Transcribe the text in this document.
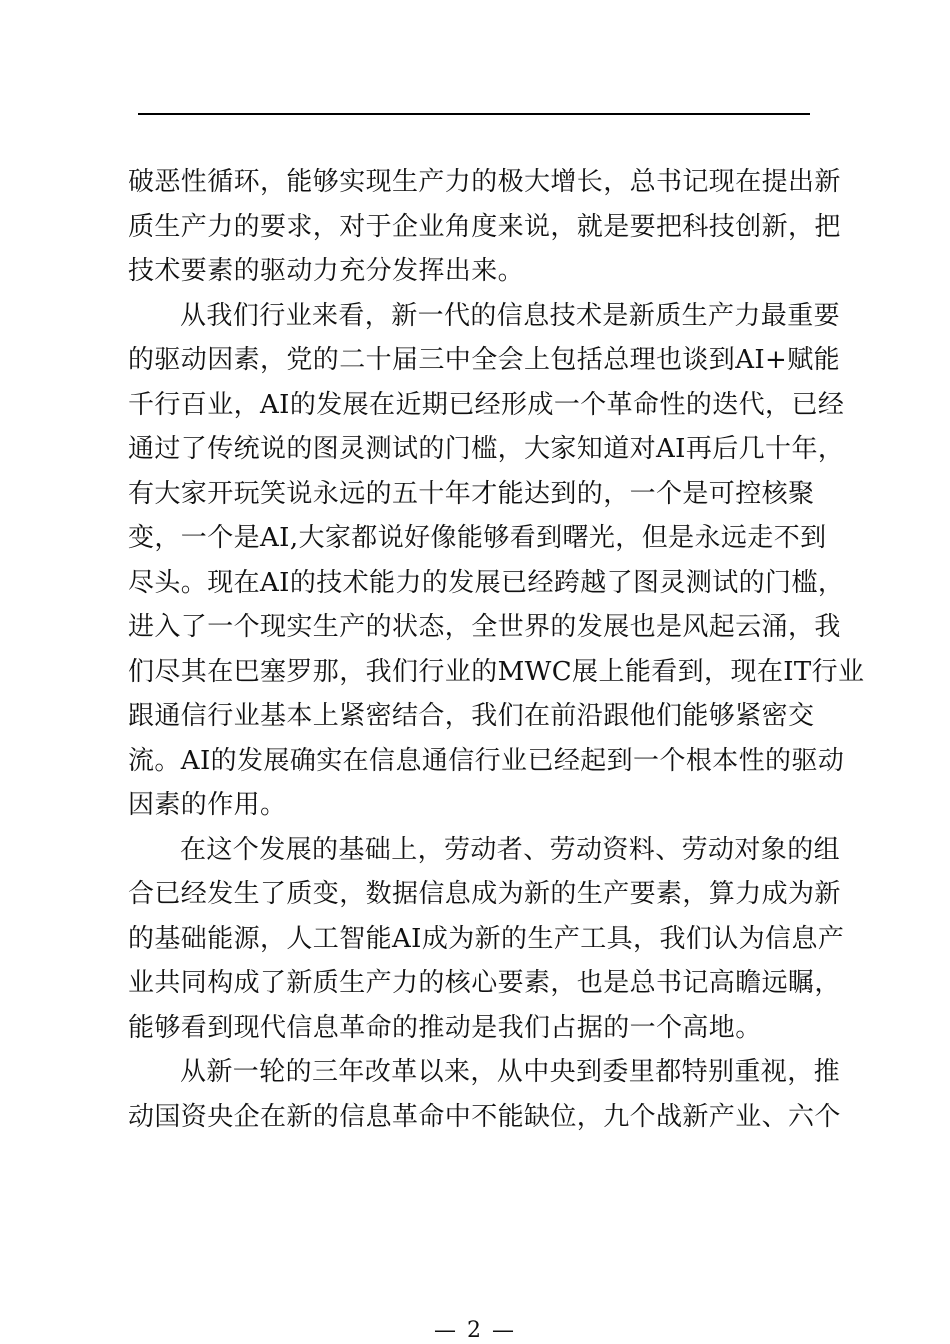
破恶性循环，能够实现生产力的极大增长，总书记现在提出新
质生产力的要求，对于企业角度来说，就是要把科技创新，把
技术要素的驱动力充分发挥出来。
从我们行业来看，新一代的信息技术是新质生产力最重要
的驱动因素，党的二十届三中全会上包括总理也谈到AI+赋能
千行百业，AI的发展在近期已经形成一个革命性的迭代，已经
通过了传统说的图灵测试的门槛，大家知道对AI再后几十年，
有大家开玩笑说永远的五十年才能达到的，一个是可控核聚
变，一个是AI,大家都说好像能够看到曙光，但是永远走不到
尽头。现在AI的技术能力的发展已经跨越了图灵测试的门槛，
进入了一个现实生产的状态，全世界的发展也是风起云涌，我
们尽其在巴塞罗那，我们行业的MWC展上能看到，现在IT行业
跟通信行业基本上紧密结合，我们在前沿跟他们能够紧密交
流。AI的发展确实在信息通信行业已经起到一个根本性的驱动
因素的作用。
在这个发展的基础上，劳动者、劳动资料、劳动对象的组
合已经发生了质变，数据信息成为新的生产要素，算力成为新
的基础能源，人工智能AI成为新的生产工具，我们认为信息产
业共同构成了新质生产力的核心要素，也是总书记高瞻远瞩，
能够看到现代信息革命的推动是我们占据的一个高地。
从新一轮的三年改革以来，从中央到委里都特别重视，推
动国资央企在新的信息革命中不能缺位，九个战新产业、六个
— 2 —
